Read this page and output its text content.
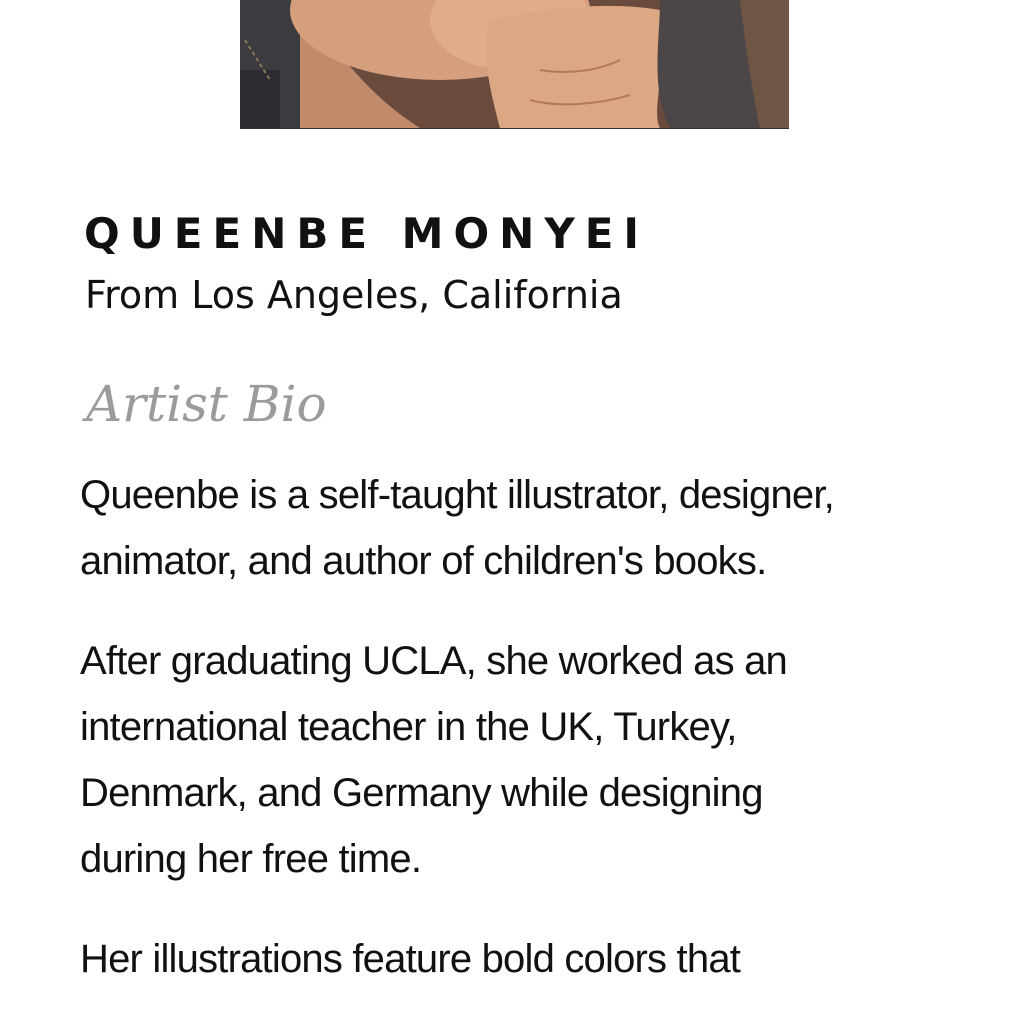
QUEENBE MONYEI

From Los Angeles, California

Artist Bio

Queenbe is a self-taught illustrator, designer,
animator, and author of children's books.

After graduating UCLA, she worked as an
international teacher in the UK, Turkey,
Denmark, and Germany while designing
during her free time.

Her illustrations feature bold colors that
